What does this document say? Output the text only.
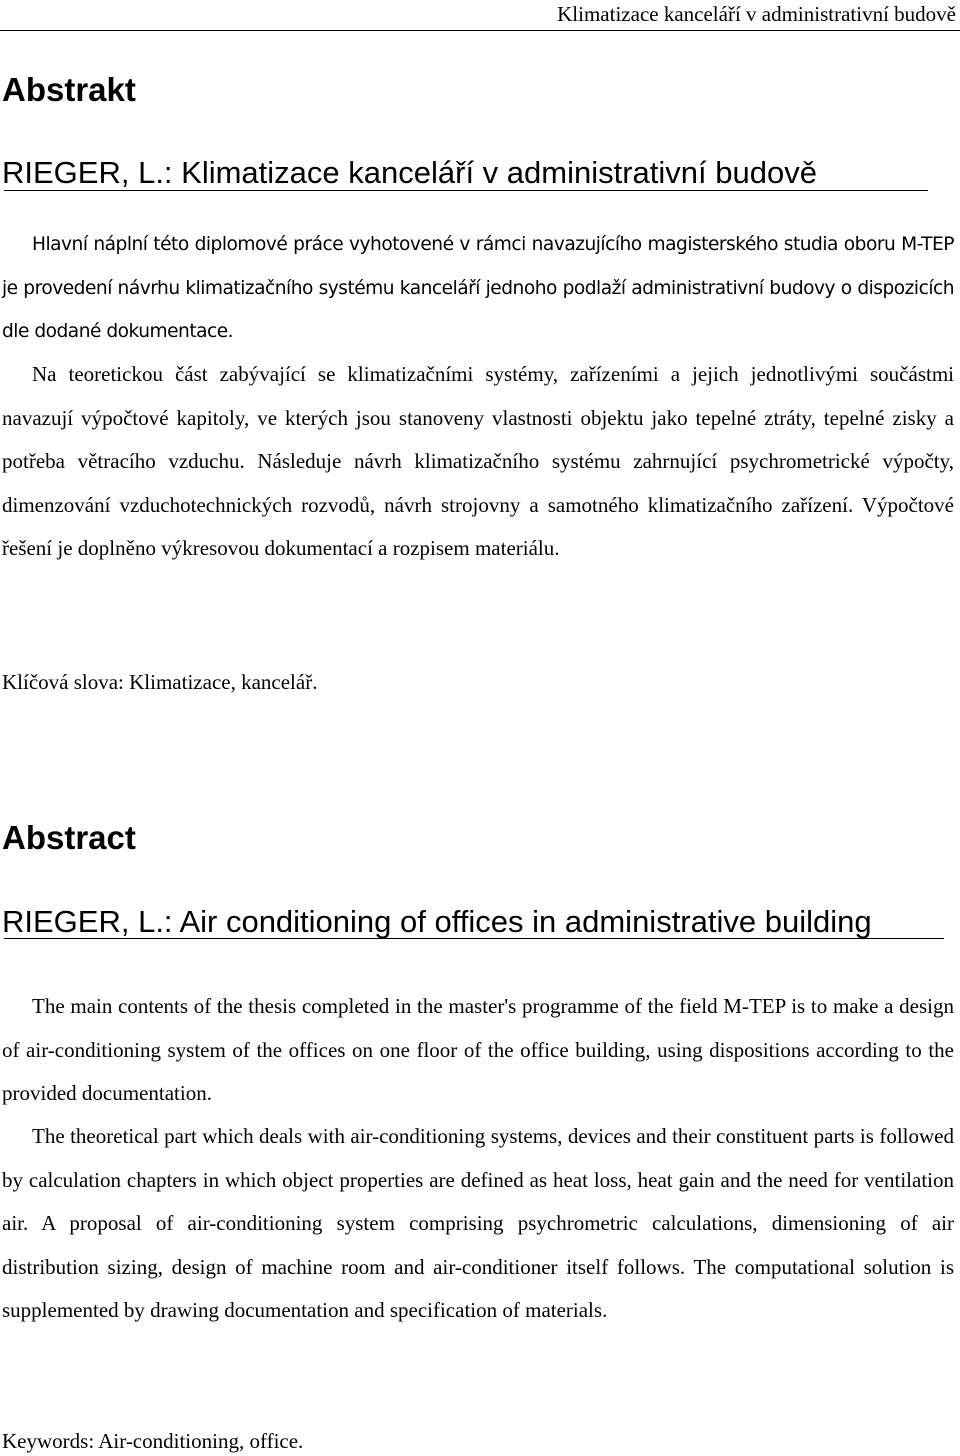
Klimatizace kanceláří v administrativní budově
Abstrakt
RIEGER, L.: Klimatizace kanceláří v administrativní budově

Hlavní náplní této diplomové práce vyhotovené v rámci navazujícího magisterského studia oboru M-TEP je provedení návrhu klimatizačního systému kanceláří jednoho podlaží administrativní budovy o dispozicích dle dodané dokumentace.

Na teoretickou část zabývající se klimatizačními systémy, zařízeními a jejich jednotlivými součástmi navazují výpočtové kapitoly, ve kterých jsou stanoveny vlastnosti objektu jako tepelné ztráty, tepelné zisky a potřeba větracího vzduchu. Následuje návrh klimatizačního systému zahrnující psychrometrické výpočty, dimenzování vzduchotechnických rozvodů, návrh strojovny a samotného klimatizačního zařízení. Výpočtové řešení je doplněno výkresovou dokumentací a rozpisem materiálu.

Klíčová slova: Klimatizace, kancelář.
Abstract
RIEGER, L.: Air conditioning of offices in administrative building

The main contents of the thesis completed in the master's programme of the field M-TEP is to make a design of air-conditioning system of the offices on one floor of the office building, using dispositions according to the provided documentation.

The theoretical part which deals with air-conditioning systems, devices and their constituent parts is followed by calculation chapters in which object properties are defined as heat loss, heat gain and the need for ventilation air. A proposal of air-conditioning system comprising psychrometric calculations, dimensioning of air distribution sizing, design of machine room and air-conditioner itself follows. The computational solution is supplemented by drawing documentation and specification of materials.

Keywords: Air-conditioning, office.
